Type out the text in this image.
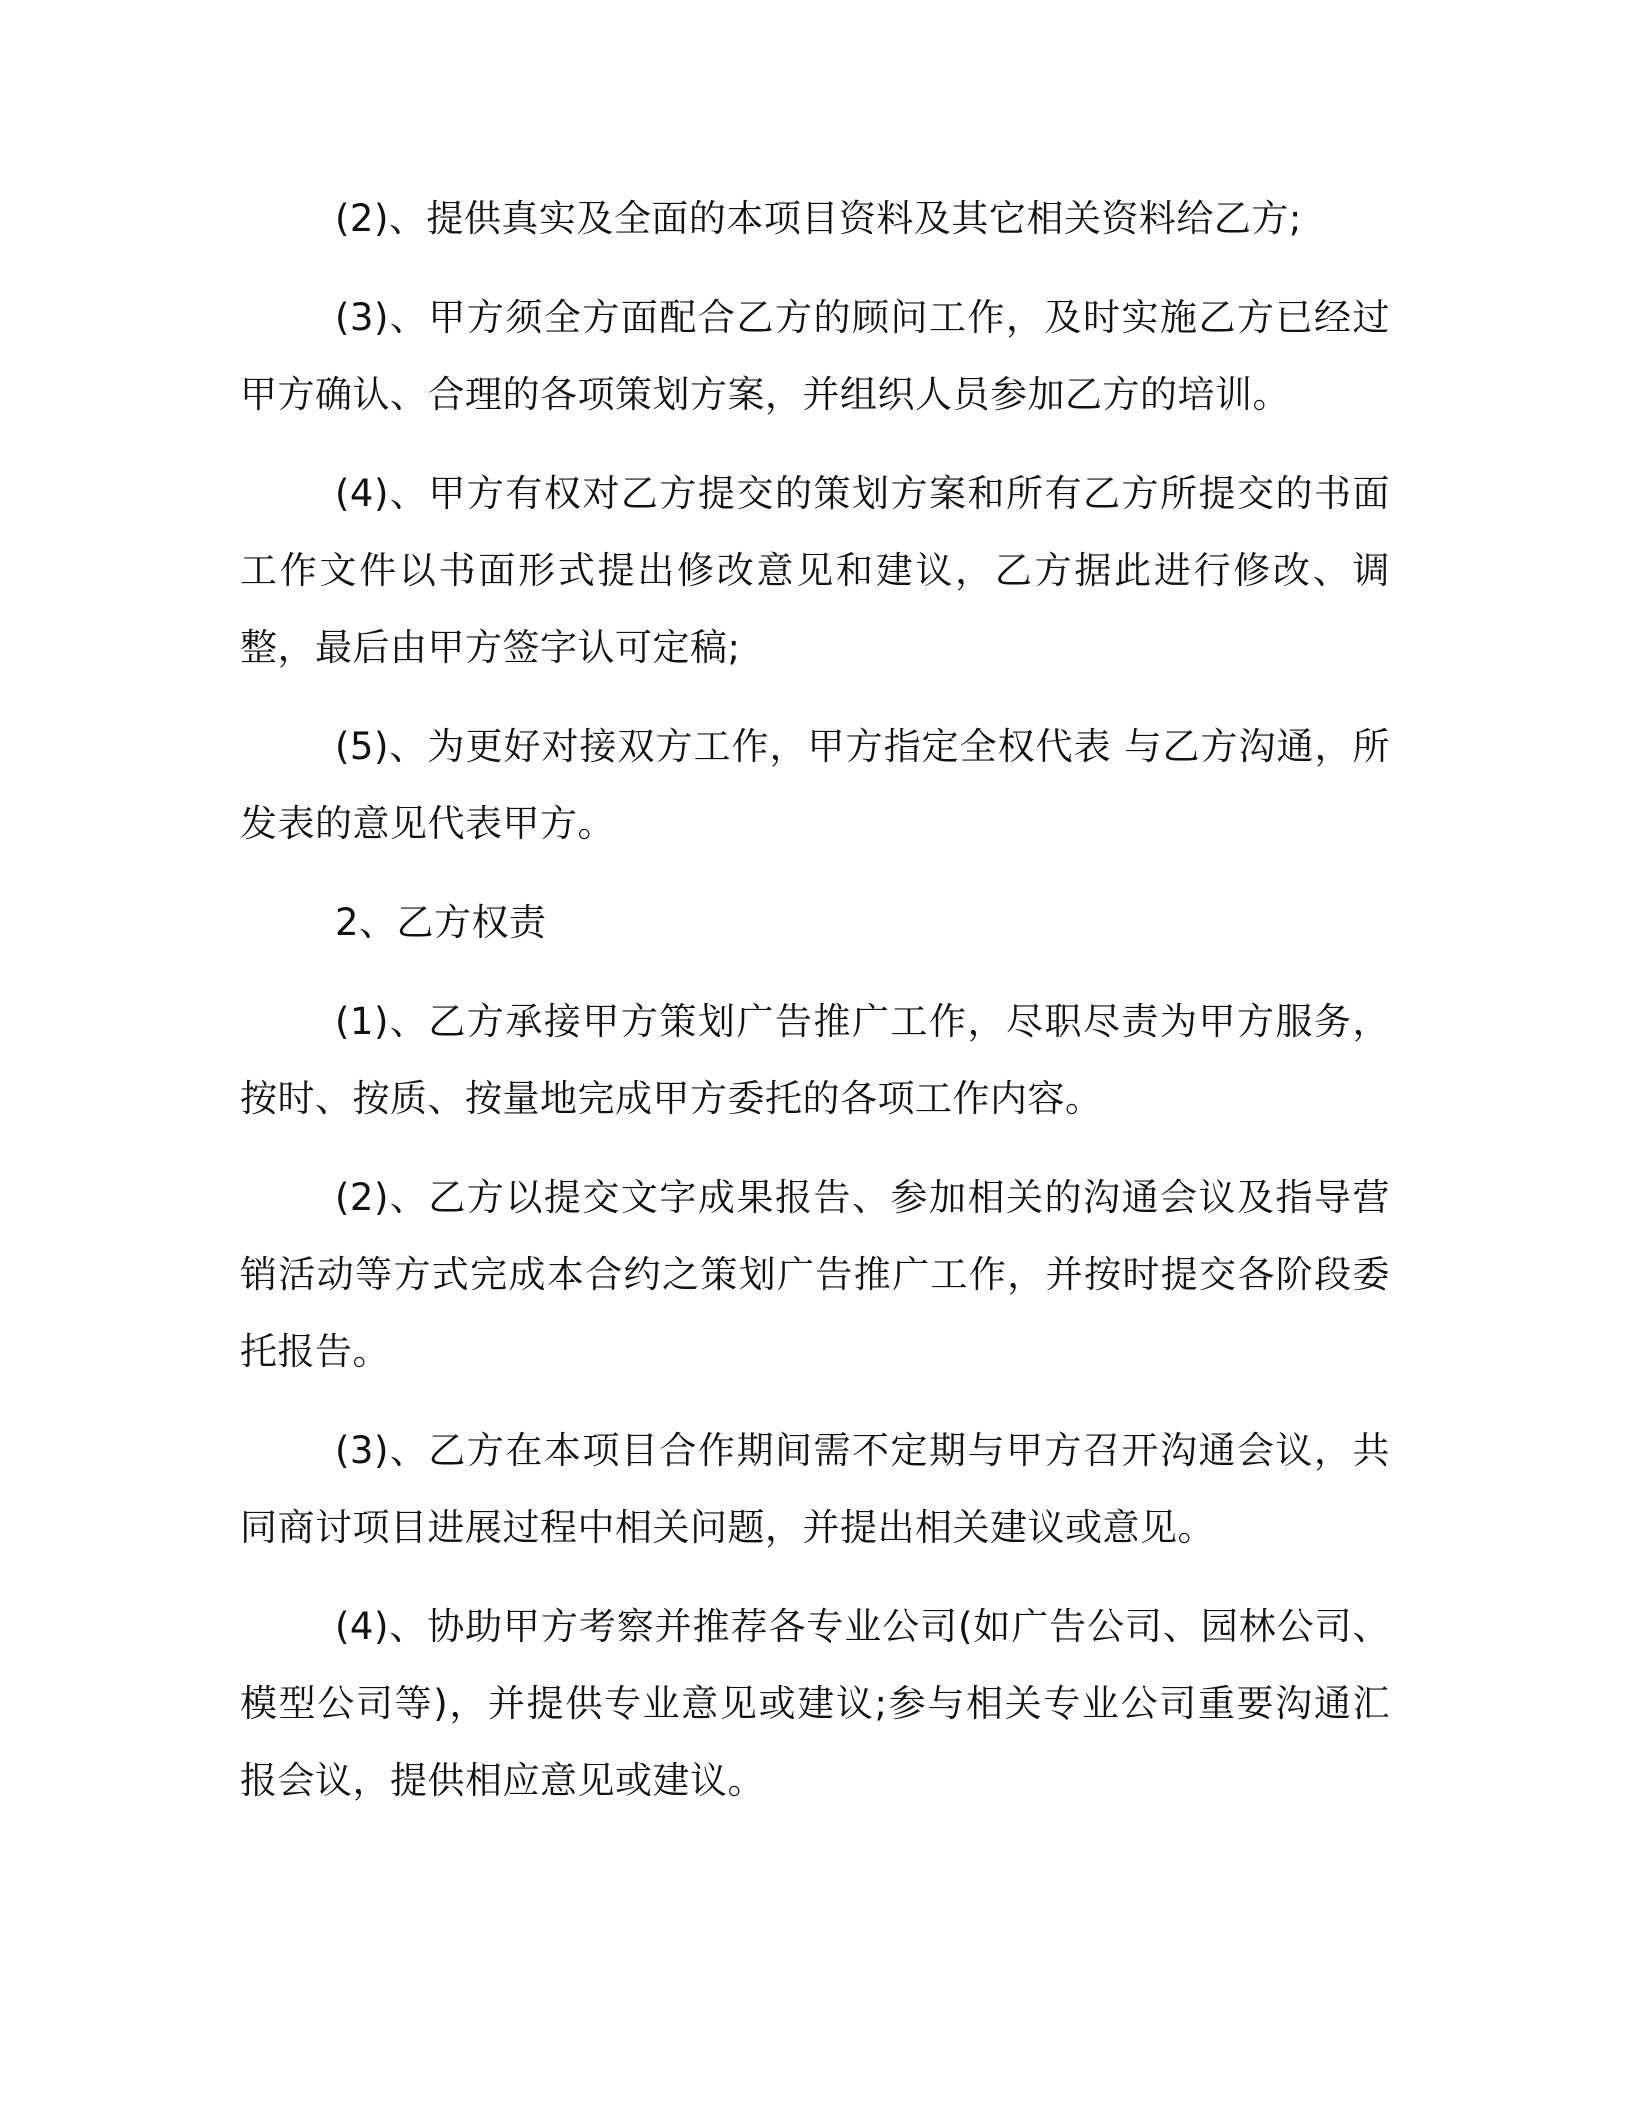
(2)、提供真实及全面的本项目资料及其它相关资料给乙方;

(3)、甲方须全方面配合乙方的顾问工作，及时实施乙方已经过甲方确认、合理的各项策划方案，并组织人员参加乙方的培训。

(4)、甲方有权对乙方提交的策划方案和所有乙方所提交的书面工作文件以书面形式提出修改意见和建议，乙方据此进行修改、调整，最后由甲方签字认可定稿;

(5)、为更好对接双方工作，甲方指定全权代表 与乙方沟通，所发表的意见代表甲方。

2、乙方权责

(1)、乙方承接甲方策划广告推广工作，尽职尽责为甲方服务，按时、按质、按量地完成甲方委托的各项工作内容。

(2)、乙方以提交文字成果报告、参加相关的沟通会议及指导营销活动等方式完成本合约之策划广告推广工作，并按时提交各阶段委托报告。

(3)、乙方在本项目合作期间需不定期与甲方召开沟通会议，共同商讨项目进展过程中相关问题，并提出相关建议或意见。

(4)、协助甲方考察并推荐各专业公司(如广告公司、园林公司、模型公司等)，并提供专业意见或建议;参与相关专业公司重要沟通汇报会议，提供相应意见或建议。
